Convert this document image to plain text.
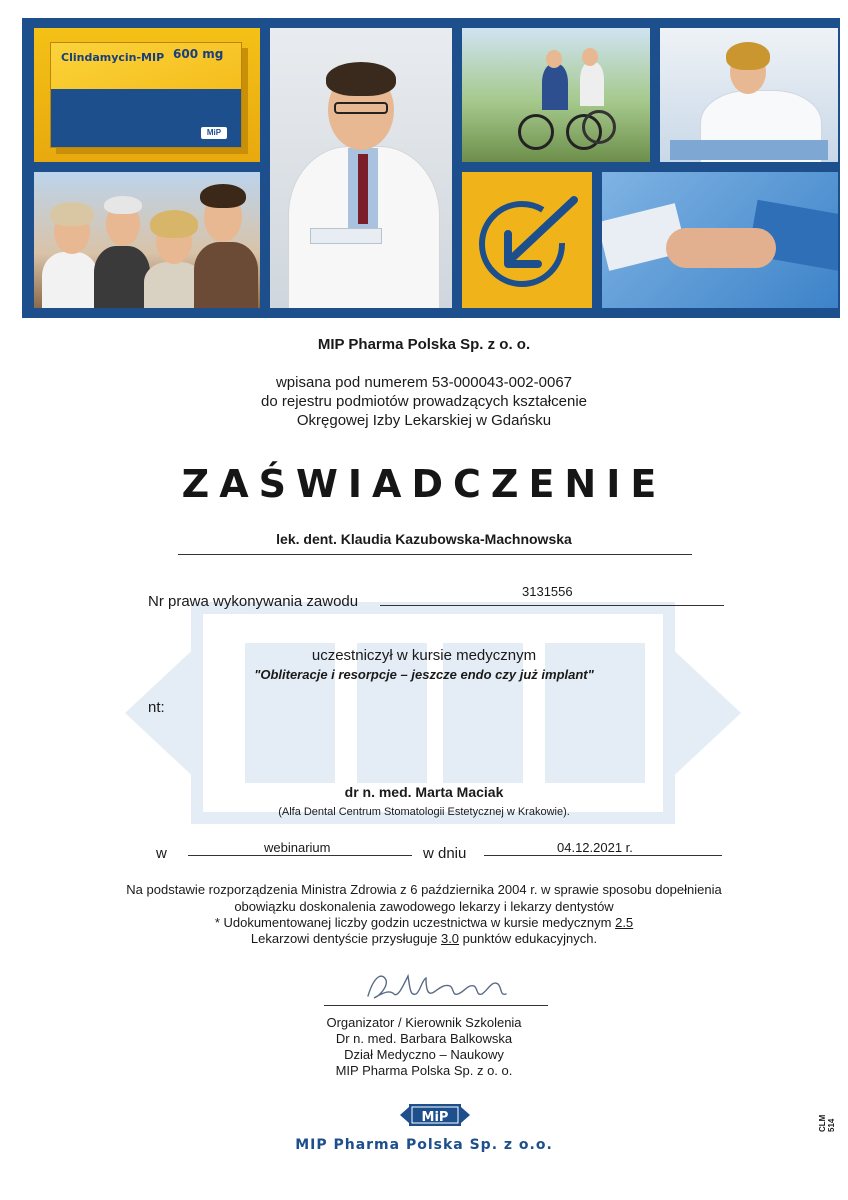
Clindamycin-MIP 600 mg
MiP
MIP Pharma Polska Sp. z o. o.
wpisana pod numerem 53-000043-002-0067
do rejestru podmiotów prowadzących kształcenie
Okręgowej Izby Lekarskiej w Gdańsku
ZAŚWIADCZENIE
lek. dent. Klaudia Kazubowska-Machnowska
Nr prawa wykonywania zawodu
3131556
uczestniczył w kursie medycznym
"Obliteracje i resorpcje – jeszcze endo czy już implant"
nt:
dr n. med. Marta Maciak
(Alfa Dental Centrum Stomatologii Estetycznej w Krakowie).
w	webinarium	w dniu	04.12.2021 r.
Na podstawie rozporządzenia Ministra Zdrowia z 6 października 2004 r. w sprawie sposobu dopełnienia
obowiązku doskonalenia zawodowego lekarzy i lekarzy dentystów
* Udokumentowanej liczby godzin uczestnictwa w kursie medycznym 2.5
Lekarzowi dentyście przysługuje 3.0 punktów edukacyjnych.
Organizator / Kierownik Szkolenia
Dr n. med. Barbara Balkowska
Dział Medyczno – Naukowy
MIP Pharma Polska Sp. z o. o.
MiP
MIP Pharma Polska Sp. z o.o.
CLM 514
